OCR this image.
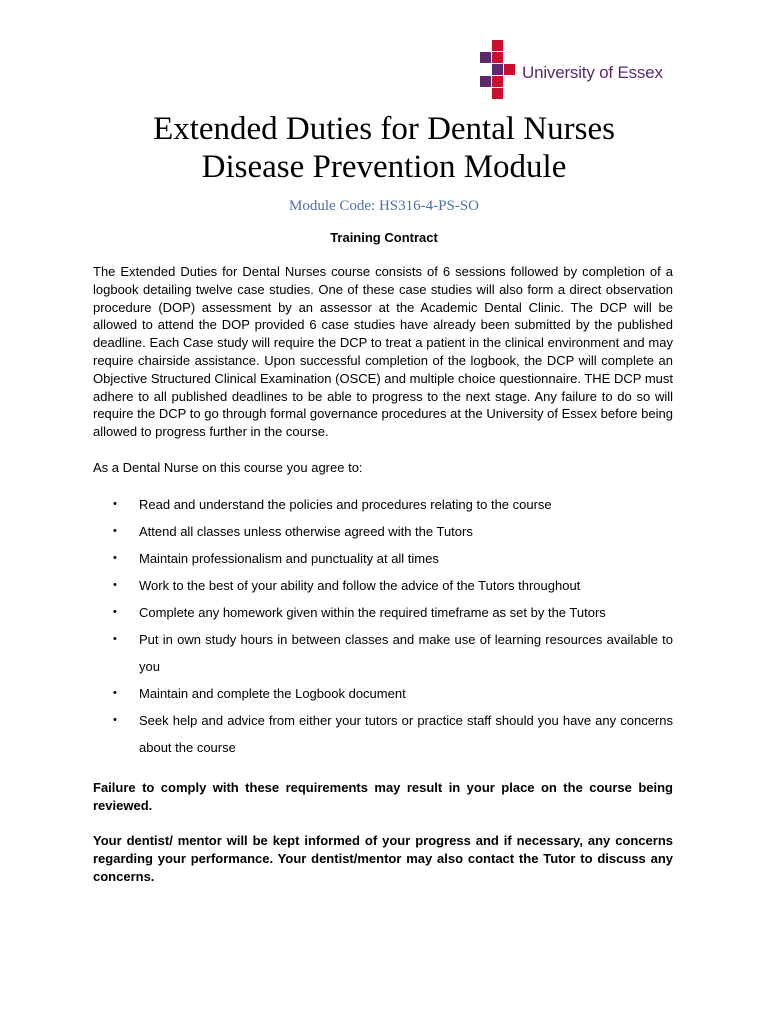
University of Essex
Extended Duties for Dental Nurses
Disease Prevention Module
Module Code: HS316-4-PS-SO
Training Contract

The Extended Duties for Dental Nurses course consists of 6 sessions followed by completion of a logbook detailing twelve case studies. One of these case studies will also form a direct observation procedure (DOP) assessment by an assessor at the Academic Dental Clinic. The DCP will be allowed to attend the DOP provided 6 case studies have already been submitted by the published deadline. Each Case study will require the DCP to treat a patient in the clinical environment and may require chairside assistance. Upon successful completion of the logbook, the DCP will complete an Objective Structured Clinical Examination (OSCE) and multiple choice questionnaire. THE DCP must adhere to all published deadlines to be able to progress to the next stage. Any failure to do so will require the DCP to go through formal governance procedures at the University of Essex before being allowed to progress further in the course.

As a Dental Nurse on this course you agree to:

• Read and understand the policies and procedures relating to the course
• Attend all classes unless otherwise agreed with the Tutors
• Maintain professionalism and punctuality at all times
• Work to the best of your ability and follow the advice of the Tutors throughout
• Complete any homework given within the required timeframe as set by the Tutors
• Put in own study hours in between classes and make use of learning resources available to you
• Maintain and complete the Logbook document
• Seek help and advice from either your tutors or practice staff should you have any concerns about the course

Failure to comply with these requirements may result in your place on the course being reviewed.

Your dentist/ mentor will be kept informed of your progress and if necessary, any concerns regarding your performance. Your dentist/mentor may also contact the Tutor to discuss any concerns.
